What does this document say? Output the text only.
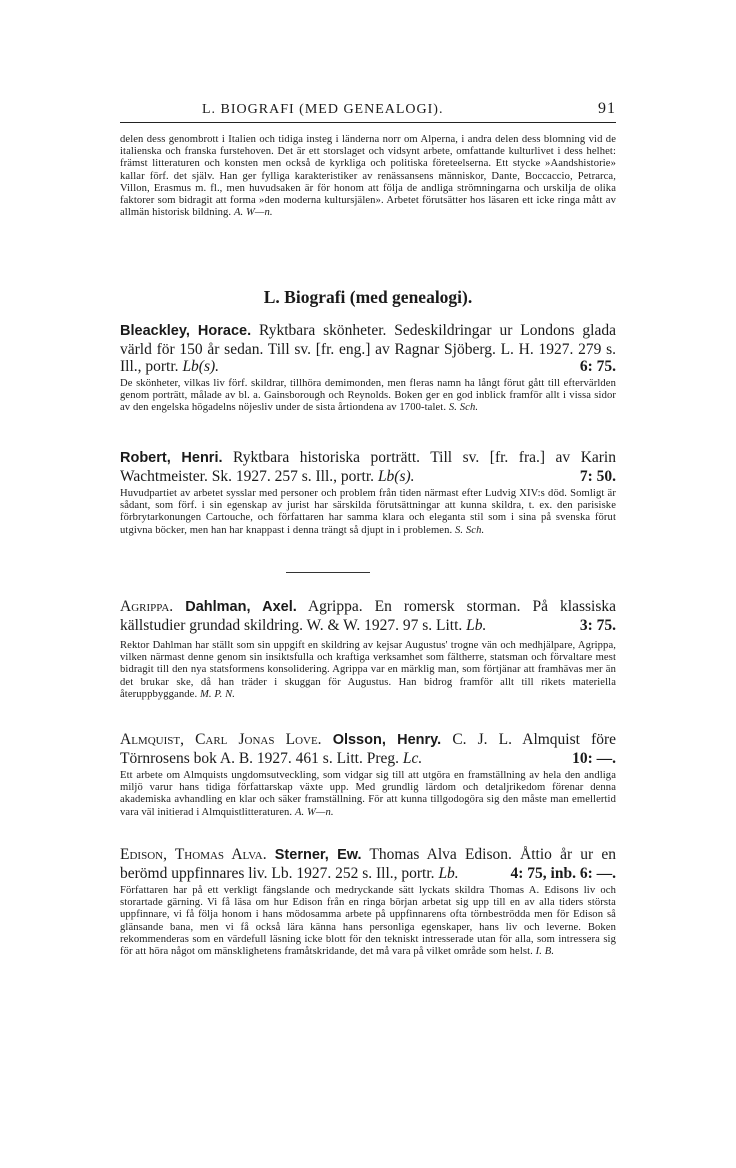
L. BIOGRAFI (MED GENEALOGI).	91
delen dess genombrott i Italien och tidiga insteg i länderna norr om Alperna, i andra delen dess blomning vid de italienska och franska furstehoven. Det är ett storslaget och vidsynt arbete, omfattande kulturlivet i dess helhet: främst litteraturen och konsten men också de kyrkliga och politiska företeelserna. Ett stycke »Aandshistorie» kallar förf. det själv. Han ger fylliga karakteristiker av renässansens människor, Dante, Boccaccio, Petrarca, Villon, Erasmus m. fl., men huvudsaken är för honom att följa de andliga strömningarna och urskilja de olika faktorer som bidragit att forma »den moderna kultursjälen». Arbetet förutsätter hos läsaren ett icke ringa mått av allmän historisk bildning. A. W—n.
L. Biografi (med genealogi).
Bleackley, Horace. Ryktbara skönheter. Sedeskildringar ur Londons glada värld för 150 år sedan. Till sv. [fr. eng.] av Ragnar Sjöberg. L. H. 1927. 279 s. Ill., portr. Lb(s).	6: 75.
De skönheter, vilkas liv förf. skildrar, tillhöra demimonden, men fleras namn ha långt förut gått till eftervärlden genom porträtt, målade av bl. a. Gainsborough och Reynolds. Boken ger en god inblick framför allt i vissa sidor av den engelska högadelns nöjesliv under de sista årtiondena av 1700-talet. S. Sch.
Robert, Henri. Ryktbara historiska porträtt. Till sv. [fr. fra.] av Karin Wachtmeister. Sk. 1927. 257 s. Ill., portr. Lb(s).	7: 50.
Huvudpartiet av arbetet sysslar med personer och problem från tiden närmast efter Ludvig XIV:s död. Somligt är sådant, som förf. i sin egenskap av jurist har särskilda förutsättningar att kunna skildra, t. ex. den parisiske förbrytarkonungen Cartouche, och författaren har samma klara och eleganta stil som i sina på svenska förut utgivna böcker, men han har knappast i denna trängt så djupt in i problemen. S. Sch.
Agrippa. Dahlman, Axel. Agrippa. En romersk storman. På klassiska källstudier grundad skildring. W. & W. 1927. 97 s. Litt. Lb.	3: 75.
Rektor Dahlman har ställt som sin uppgift en skildring av kejsar Augustus' trogne vän och medhjälpare, Agrippa, vilken närmast denne genom sin insiktsfulla och kraftiga verksamhet som fältherre, statsman och förvaltare mest bidragit till den nya statsformens konsolidering. Agrippa var en märklig man, som förtjänar att framhävas mer än det brukar ske, då han träder i skuggan för Augustus. Han bidrog framför allt till rikets materiella återuppbyggande. M. P. N.
Almquist, Carl Jonas Love. Olsson, Henry. C. J. L. Almquist före Törnrosens bok A. B. 1927. 461 s. Litt. Preg. Lc.	10: —.
Ett arbete om Almquists ungdomsutveckling, som vidgar sig till att utgöra en framställning av hela den andliga miljö varur hans tidiga författarskap växte upp. Med grundlig lärdom och detaljrikedom förenar denna akademiska avhandling en klar och säker framställning. För att kunna tillgodogöra sig den måste man emellertid vara väl initierad i Almquistlitteraturen. A. W—n.
Edison, Thomas Alva. Sterner, Ew. Thomas Alva Edison. Åttio år ur en berömd uppfinnares liv. Lb. 1927. 252 s. Ill., portr. Lb.	4: 75, inb. 6: —.
Författaren har på ett verkligt fängslande och medryckande sätt lyckats skildra Thomas A. Edisons liv och storartade gärning. Vi få läsa om hur Edison från en ringa början arbetat sig upp till en av alla tiders största uppfinnare, vi få följa honom i hans mödosamma arbete på uppfinnarens ofta törnbeströdda men för Edison så glänsande bana, men vi få också lära känna hans personliga egenskaper, hans liv och leverne. Boken rekommenderas som en värdefull läsning icke blott för den tekniskt intresserade utan för alla, som intressera sig för att höra något om mänsklighetens framåtskridande, det må vara på vilket område som helst. I. B.
